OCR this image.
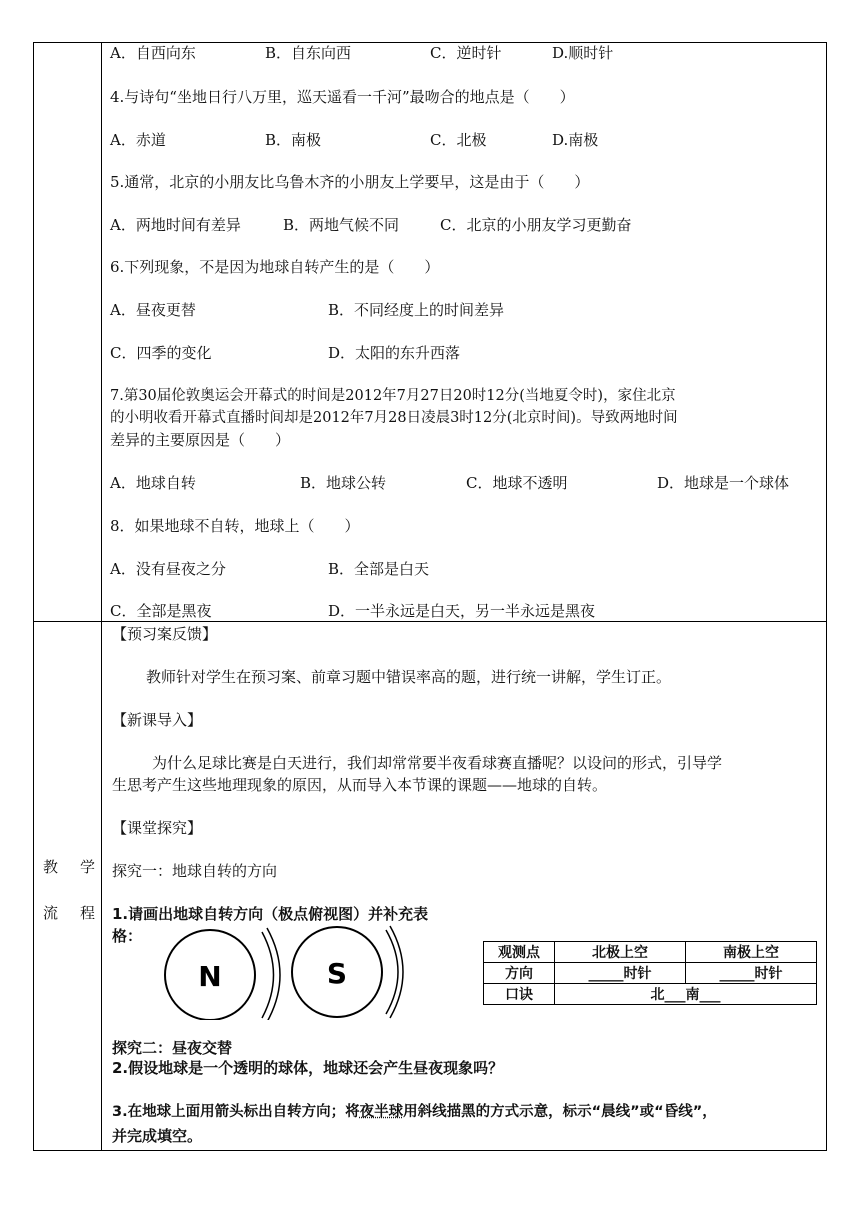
A．自西向东	B．自东向西	C．逆时针	D.顺时针
4.与诗句“坐地日行八万里，巡天遥看一千河”最吻合的地点是（　　）
A．赤道	B．南极	C．北极	D.南极
5.通常，北京的小朋友比乌鲁木齐的小朋友上学要早，这是由于（　　）
A．两地时间有差异	B．两地气候不同	C．北京的小朋友学习更勤奋
6.下列现象，不是因为地球自转产生的是（　　）
A．昼夜更替	B．不同经度上的时间差异
C．四季的变化	D．太阳的东升西落
7.第30届伦敦奥运会开幕式的时间是2012年7月27日20时12分(当地夏令时)，家住北京
的小明收看开幕式直播时间却是2012年7月28日凌晨3时12分(北京时间)。导致两地时间
差异的主要原因是（　　）
A．地球自转	B．地球公转	C．地球不透明	D．地球是一个球体
8．如果地球不自转，地球上（　　）
A．没有昼夜之分	B．全部是白天
C．全部是黑夜	D．一半永远是白天，另一半永远是黑夜
教 学
流 程
【预习案反馈】
教师针对学生在预习案、前章习题中错误率高的题，进行统一讲解，学生订正。
【新课导入】
为什么足球比赛是白天进行，我们却常常要半夜看球赛直播呢？以设问的形式，引导学
生思考产生这些地理现象的原因，从而导入本节课的课题——地球的自转。
【课堂探究】
探究一：地球自转的方向
1.请画出地球自转方向（极点俯视图）并补充表
格：
N	S
观测点	北极上空	南极上空
方向	_____时针	_____时针
口诀	北___南___	
探究二：昼夜交替
2.假设地球是一个透明的球体，地球还会产生昼夜现象吗？
3.在地球上面用箭头标出自转方向；将夜半球用斜线描黑的方式示意，标示“晨线”或“昏线”，
并完成填空。
